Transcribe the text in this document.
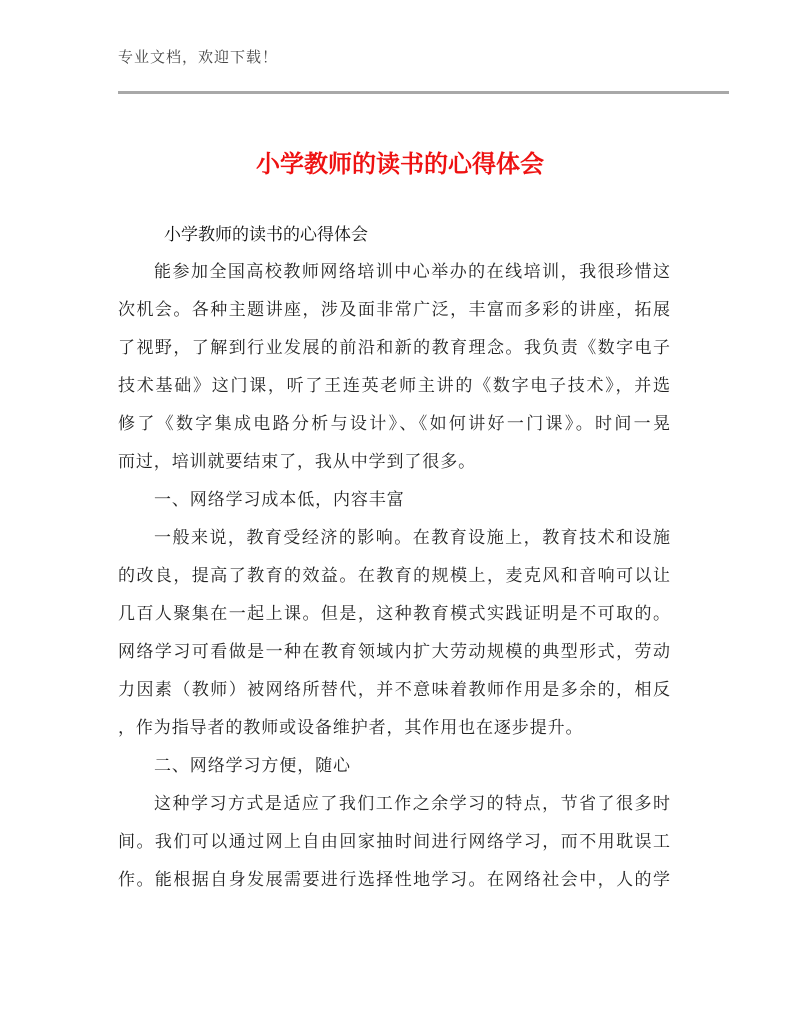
专业文档，欢迎下载！
小学教师的读书的心得体会
小学教师的读书的心得体会
能参加全国高校教师网络培训中心举办的在线培训，我很珍惜这
次机会。各种主题讲座，涉及面非常广泛，丰富而多彩的讲座，拓展
了视野，了解到行业发展的前沿和新的教育理念。我负责《数字电子
技术基础》这门课，听了王连英老师主讲的《数字电子技术》，并选
修了《数字集成电路分析与设计》、《如何讲好一门课》。时间一晃
而过，培训就要结束了，我从中学到了很多。
一、网络学习成本低，内容丰富
一般来说，教育受经济的影响。在教育设施上，教育技术和设施
的改良，提高了教育的效益。在教育的规模上，麦克风和音响可以让
几百人聚集在一起上课。但是，这种教育模式实践证明是不可取的。
网络学习可看做是一种在教育领域内扩大劳动规模的典型形式，劳动
力因素（教师）被网络所替代，并不意味着教师作用是多余的，相反
，作为指导者的教师或设备维护者，其作用也在逐步提升。
二、网络学习方便，随心
这种学习方式是适应了我们工作之余学习的特点，节省了很多时
间。我们可以通过网上自由回家抽时间进行网络学习，而不用耽误工
作。能根据自身发展需要进行选择性地学习。在网络社会中，人的学
